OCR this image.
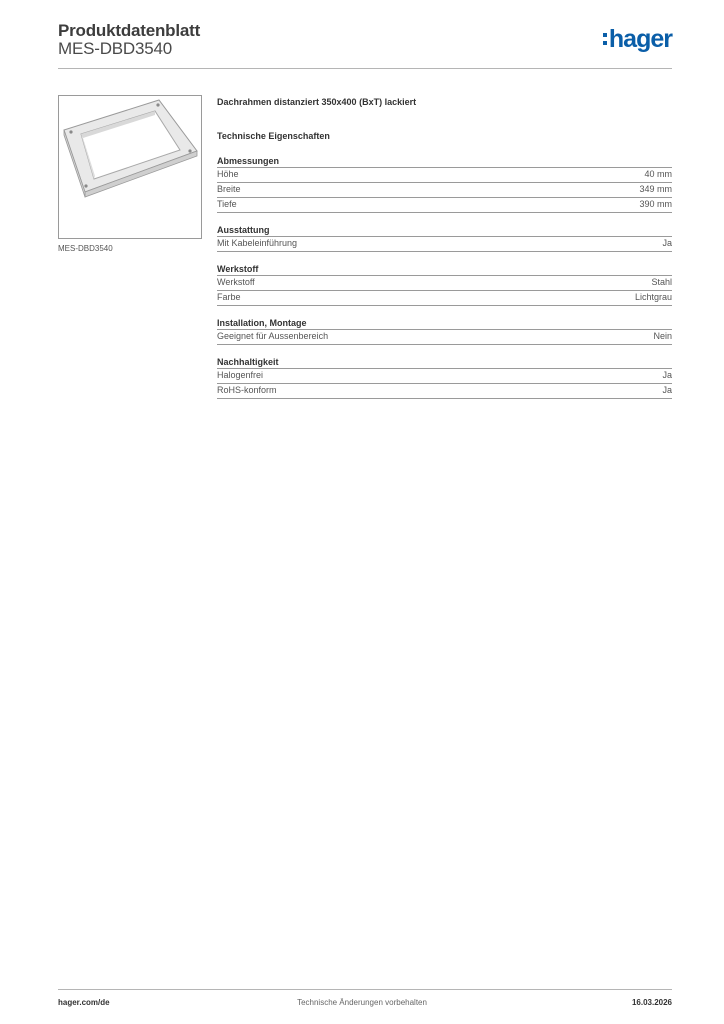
Produktdatenblatt
MES-DBD3540	hager
MES-DBD3540
Dachrahmen distanziert 350x400 (BxT) lackiert
Technische Eigenschaften
Abmessungen
Höhe	40 mm
Breite	349 mm
Tiefe	390 mm
Ausstattung
Mit Kabeleinführung	Ja
Werkstoff
Werkstoff	Stahl
Farbe	Lichtgrau
Installation, Montage
Geeignet für Aussenbereich	Nein
Nachhaltigkeit
Halogenfrei	Ja
RoHS-konform	Ja
hager.com/de	Technische Änderungen vorbehalten	16.03.2026
